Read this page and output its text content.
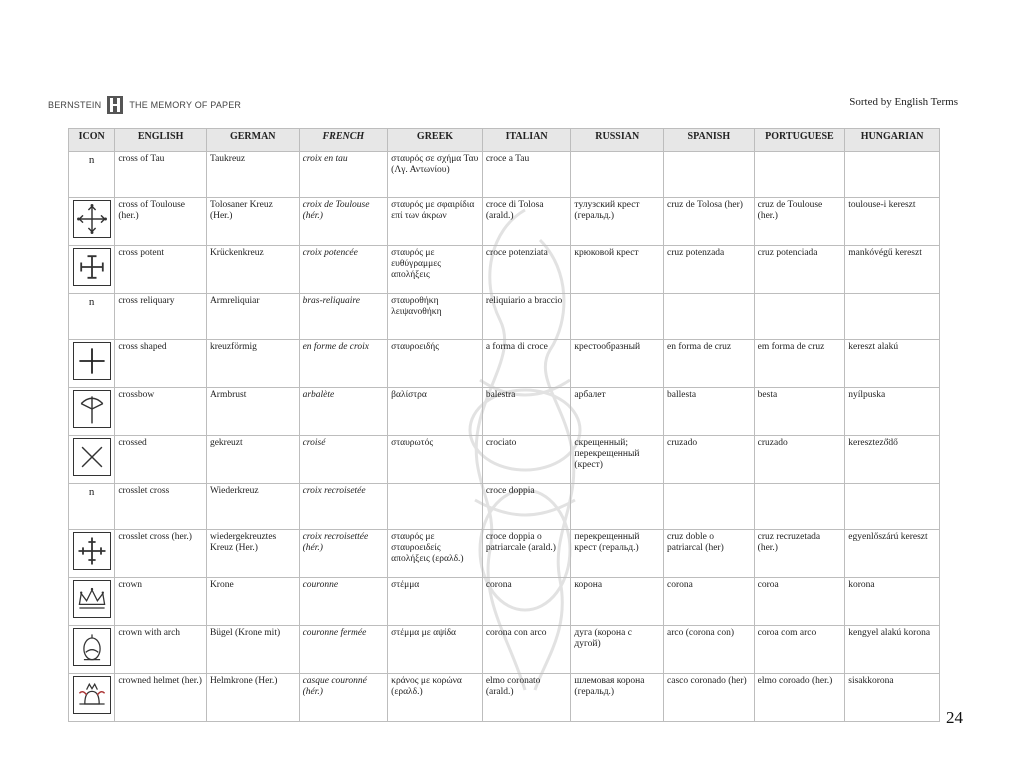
BERNSTEIN	THE MEMORY OF PAPER	Sorted by English Terms
ICON	ENGLISH	GERMAN	FRENCH	GREEK	ITALIAN	RUSSIAN	SPANISH	PORTUGUESE	HUNGARIAN
n	cross of Tau	Taukreuz	croix en tau	σταυρός σε σχήμα Ταυ (Λγ. Αντωνίου)	croce a Tau				

	cross of Toulouse (her.)	Tolosaner Kreuz (Her.)	croix de Toulouse (hér.)	σταυρός με σφαιρίδια επί των άκρων	croce di Tolosa (arald.)	тулузский крест (геральд.)	cruz de Tolosa (her)	cruz de Toulouse (her.)	toulouse-i kereszt

	cross potent	Krückenkreuz	croix potencée	σταυρός με ευθύγραμμες απολήξεις	croce potenziata	крюковой крест	cruz potenzada	cruz potenciada	mankóvégű kereszt
n	cross reliquary	Armreliquiar	bras-reliquaire	σταυροθήκη λειψανοθήκη	reliquiario a braccio				

	cross shaped	kreuzförmig	en forme de croix	σταυροειδής	a forma di croce	крестообразный	en forma de cruz	em forma de cruz	kereszt alakú

	crossbow	Armbrust	arbalète	βαλίστρα	balestra	арбалет	ballesta	besta	nyílpuska

	crossed	gekreuzt	croisé	σταυρωτός	crociato	скрещенный; перекрещенный (крест)	cruzado	cruzado	keresztező̈dő
n	crosslet cross	Wiederkreuz	croix recroisetée		croce doppia				

	crosslet cross (her.)	wiedergekreuztes Kreuz (Her.)	croix recroisettée (hér.)	σταυρός με σταυροειδείς απολήξεις (εραλδ.)	croce doppia o patriarcale (arald.)	перекрещенный крест (геральд.)	cruz doble o patriarcal (her)	cruz recruzetada (her.)	egyenlőszárú kereszt

	crown	Krone	couronne	στέμμα	corona	корона	corona	coroa	korona

	crown with arch	Bügel (Krone mit)	couronne fermée	στέμμα με αψίδα	corona con arco	дуга (корона с дугой)	arco (corona con)	coroa com arco	kengyel alakú korona

	crowned helmet (her.)	Helmkrone (Her.)	casque couronné (hér.)	κράνος με κορώνα (εραλδ.)	elmo coronato (arald.)	шлемовая корона (геральд.)	casco coronado (her)	elmo coroado (her.)	sisakkorona
24
